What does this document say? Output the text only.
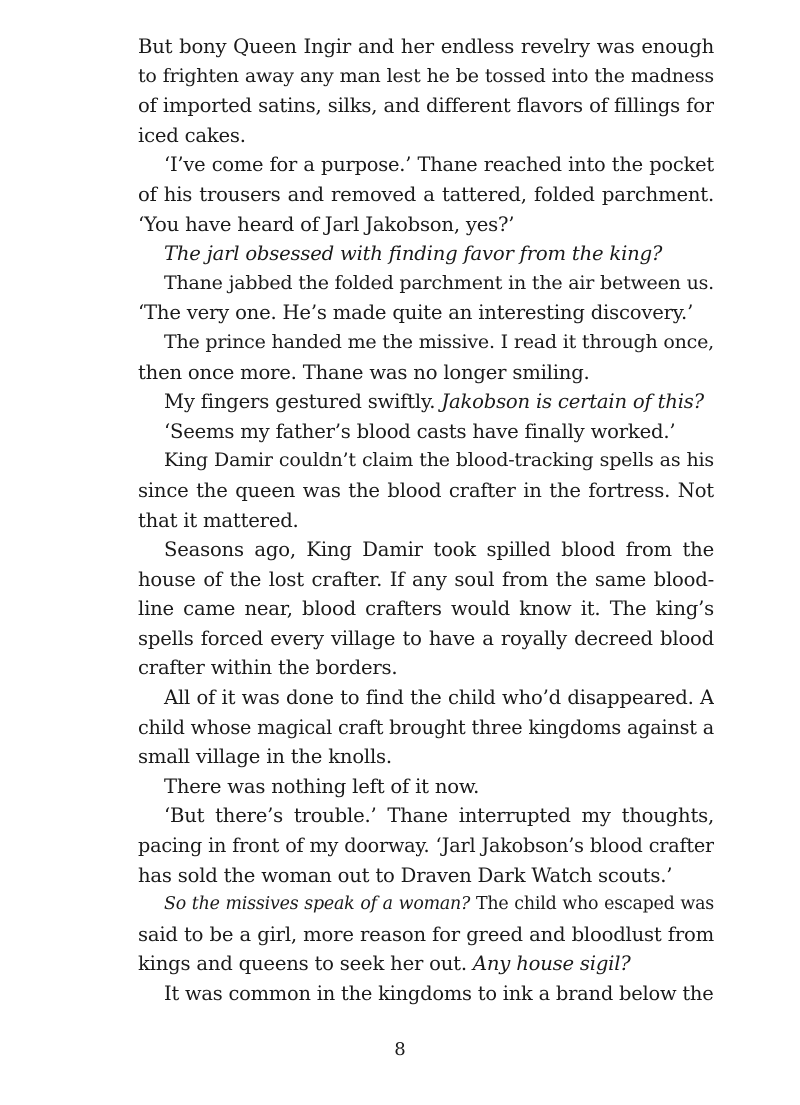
But bony Queen Ingir and her endless revelry was enough
to frighten away any man lest he be tossed into the madness
of imported satins, silks, and different flavors of fillings for
iced cakes.
‘I’ve come for a purpose.’ Thane reached into the pocket
of his trousers and removed a tattered, folded parchment.
‘You have heard of Jarl Jakobson, yes?’
The jarl obsessed with finding favor from the king?
Thane jabbed the folded parchment in the air between us.
‘The very one. He’s made quite an interesting discovery.’
The prince handed me the missive. I read it through once,
then once more. Thane was no longer smiling.
My fingers gestured swiftly. Jakobson is certain of this?
‘Seems my father’s blood casts have finally worked.’
King Damir couldn’t claim the blood-tracking spells as his
since the queen was the blood crafter in the fortress. Not
that it mattered.
Seasons ago, King Damir took spilled blood from the
house of the lost crafter. If any soul from the same blood-
line came near, blood crafters would know it. The king’s
spells forced every village to have a royally decreed blood
crafter within the borders.
All of it was done to find the child who’d disappeared. A
child whose magical craft brought three kingdoms against a
small village in the knolls.
There was nothing left of it now.
‘But there’s trouble.’ Thane interrupted my thoughts,
pacing in front of my doorway. ‘Jarl Jakobson’s blood crafter
has sold the woman out to Draven Dark Watch scouts.’
So the missives speak of a woman? The child who escaped was
said to be a girl, more reason for greed and bloodlust from
kings and queens to seek her out. Any house sigil?
It was common in the kingdoms to ink a brand below the
8
